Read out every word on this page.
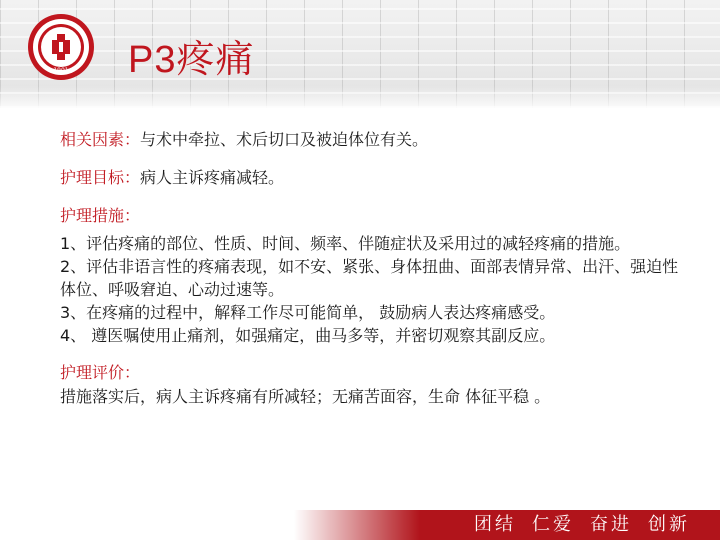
1901 P3疼痛
相关因素：与术中牵拉、术后切口及被迫体位有关。
护理目标：病人主诉疼痛减轻。
护理措施：
1、评估疼痛的部位、性质、时间、频率、伴随症状及采用过的减轻疼痛的措施。
2、评估非语言性的疼痛表现，如不安、紧张、身体扭曲、面部表情异常、出汗、强迫性体位、呼吸窘迫、心动过速等。
3、在疼痛的过程中，解释工作尽可能简单， 鼓励病人表达疼痛感受。
4、 遵医嘱使用止痛剂，如强痛定，曲马多等，并密切观察其副反应。
护理评价：
措施落实后，病人主诉疼痛有所减轻；无痛苦面容，生命 体征平稳 。
团结 仁爱 奋进 创新
